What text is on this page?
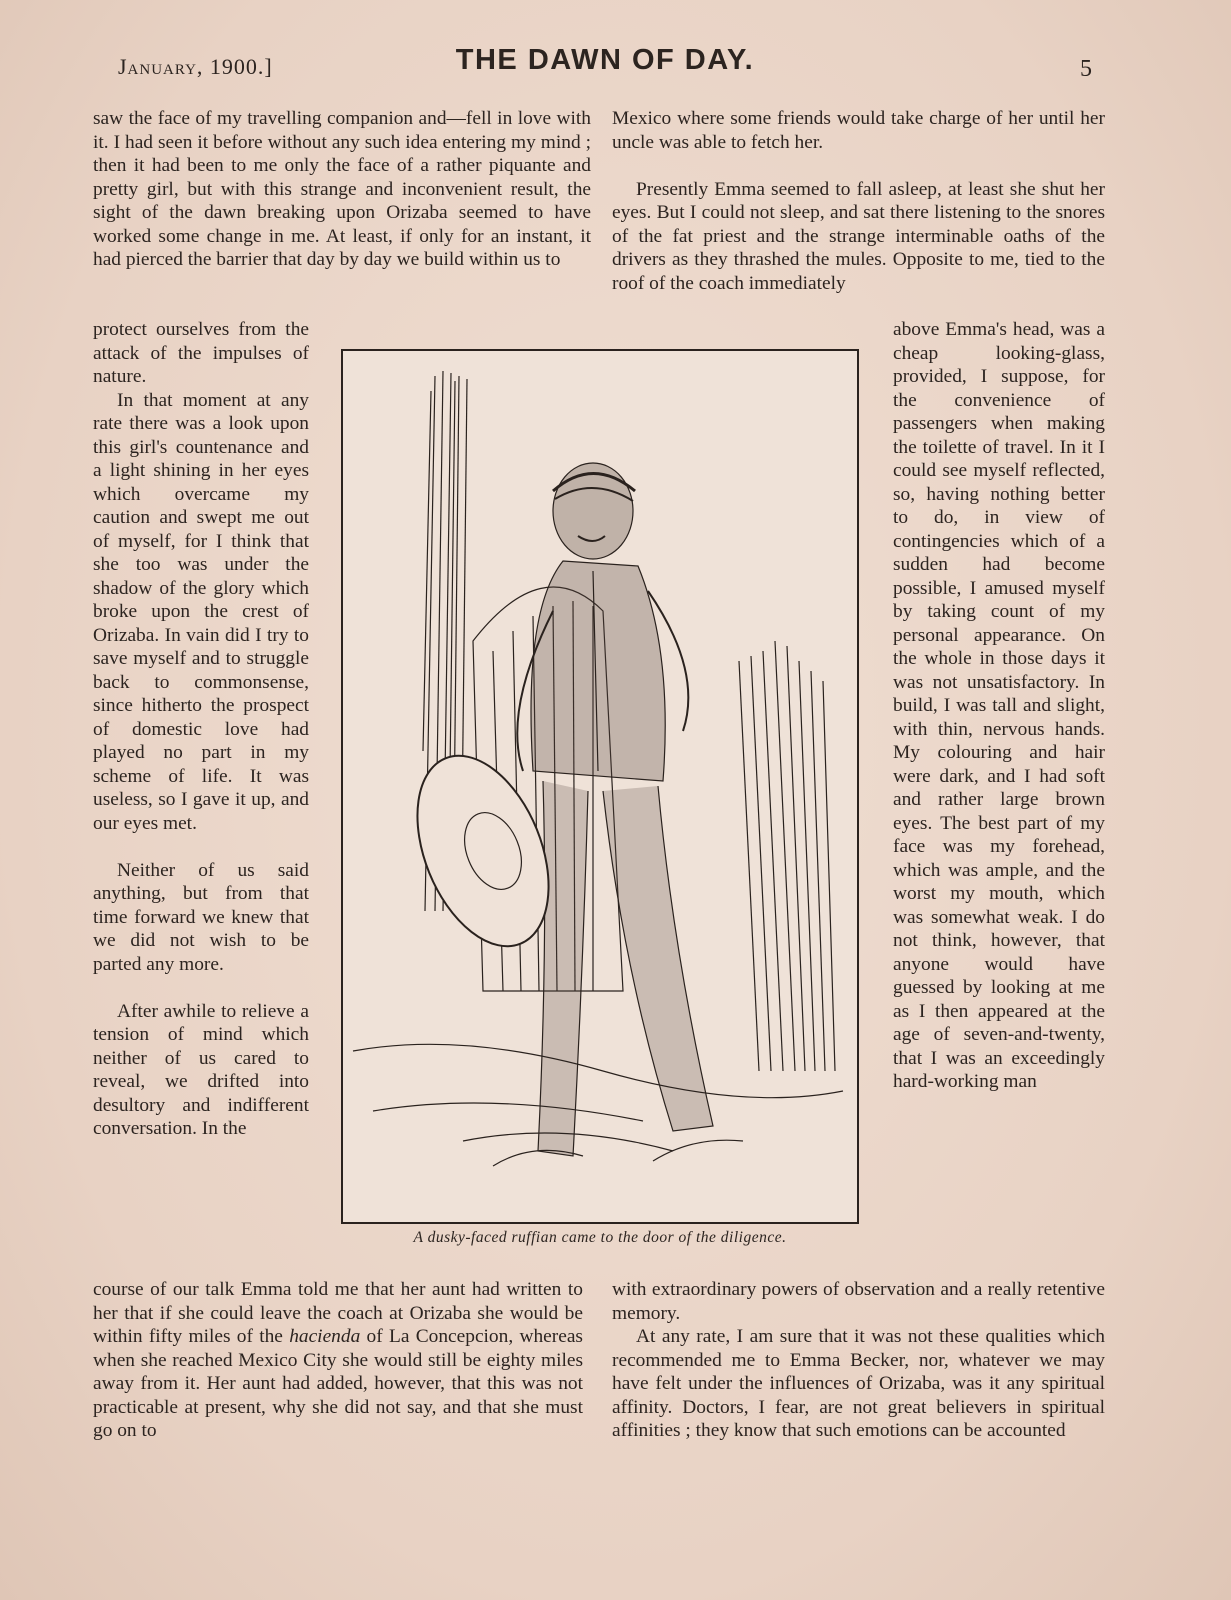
January, 1900.]	THE DAWN OF DAY.	5

saw the face of my travelling companion and—fell in love with it. I had seen it before without any such idea entering my mind ; then it had been to me only the face of a rather piquante and pretty girl, but with this strange and inconvenient result, the sight of the dawn breaking upon Orizaba seemed to have worked some change in me. At least, if only for an instant, it had pierced the barrier that day by day we build within us to

protect ourselves from the attack of the impulses of nature.

In that moment at any rate there was a look upon this girl's countenance and a light shining in her eyes which overcame my caution and swept me out of myself, for I think that she too was under the shadow of the glory which broke upon the crest of Orizaba. In vain did I try to save myself and to struggle back to commonsense, since hitherto the prospect of domestic love had played no part in my scheme of life. It was useless, so I gave it up, and our eyes met.

Neither of us said anything, but from that time forward we knew that we did not wish to be parted any more.

After awhile to relieve a tension of mind which neither of us cared to reveal, we drifted into desultory and indifferent conversation. In the

course of our talk Emma told me that her aunt had written to her that if she could leave the coach at Orizaba she would be within fifty miles of the hacienda of La Concepcion, whereas when she reached Mexico City she would still be eighty miles away from it. Her aunt had added, however, that this was not practicable at present, why she did not say, and that she must go on to

Mexico where some friends would take charge of her until her uncle was able to fetch her.

Presently Emma seemed to fall asleep, at least she shut her eyes. But I could not sleep, and sat there listening to the snores of the fat priest and the strange interminable oaths of the drivers as they thrashed the mules. Opposite to me, tied to the roof of the coach immediately

above Emma's head, was a cheap looking-glass, provided, I suppose, for the convenience of passengers when making the toilette of travel. In it I could see myself reflected, so, having nothing better to do, in view of contingencies which of a sudden had become possible, I amused myself by taking count of my personal appearance. On the whole in those days it was not unsatisfactory. In build, I was tall and slight, with thin, nervous hands. My colouring and hair were dark, and I had soft and rather large brown eyes. The best part of my face was my forehead, which was ample, and the worst my mouth, which was somewhat weak. I do not think, however, that anyone would have guessed by looking at me as I then appeared at the age of seven-and-twenty, that I was an exceedingly hard-working man

with extraordinary powers of observation and a really retentive memory.

At any rate, I am sure that it was not these qualities which recommended me to Emma Becker, nor, whatever we may have felt under the influences of Orizaba, was it any spiritual affinity. Doctors, I fear, are not great believers in spiritual affinities ; they know that such emotions can be accounted

A dusky-faced ruffian came to the door of the diligence.
